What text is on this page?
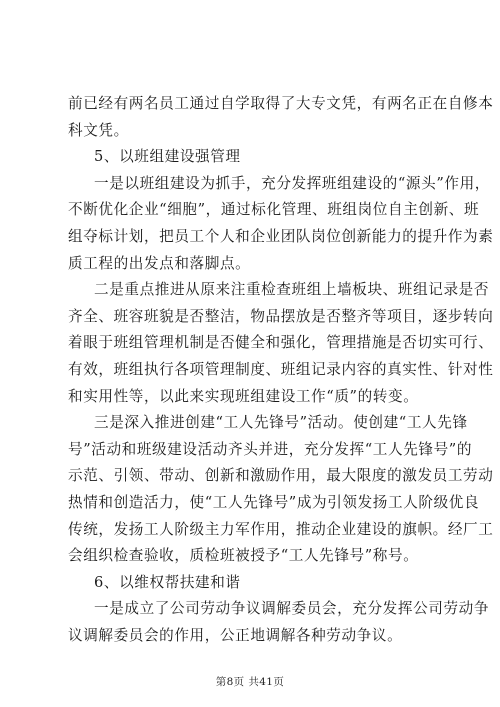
前已经有两名员工通过自学取得了大专文凭，有两名正在自修本
科文凭。
5、以班组建设强管理
一是以班组建设为抓手，充分发挥班组建设的“源头”作用，
不断优化企业“细胞”，通过标化管理、班组岗位自主创新、班
组夺标计划，把员工个人和企业团队岗位创新能力的提升作为素
质工程的出发点和落脚点。
二是重点推进从原来注重检查班组上墙板块、班组记录是否
齐全、班容班貌是否整洁，物品摆放是否整齐等项目，逐步转向
着眼于班组管理机制是否健全和强化，管理措施是否切实可行、
有效，班组执行各项管理制度、班组记录内容的真实性、针对性
和实用性等，以此来实现班组建设工作“质”的转变。
三是深入推进创建“工人先锋号”活动。使创建“工人先锋
号”活动和班级建设活动齐头并进，充分发挥“工人先锋号”的
示范、引领、带动、创新和激励作用，最大限度的激发员工劳动
热情和创造活力，使“工人先锋号”成为引领发扬工人阶级优良
传统，发扬工人阶级主力军作用，推动企业建设的旗帜。经厂工
会组织检查验收，质检班被授予“工人先锋号”称号。
6、以维权帮扶建和谐
一是成立了公司劳动争议调解委员会，充分发挥公司劳动争
议调解委员会的作用，公正地调解各种劳动争议。
第8页 共41页
